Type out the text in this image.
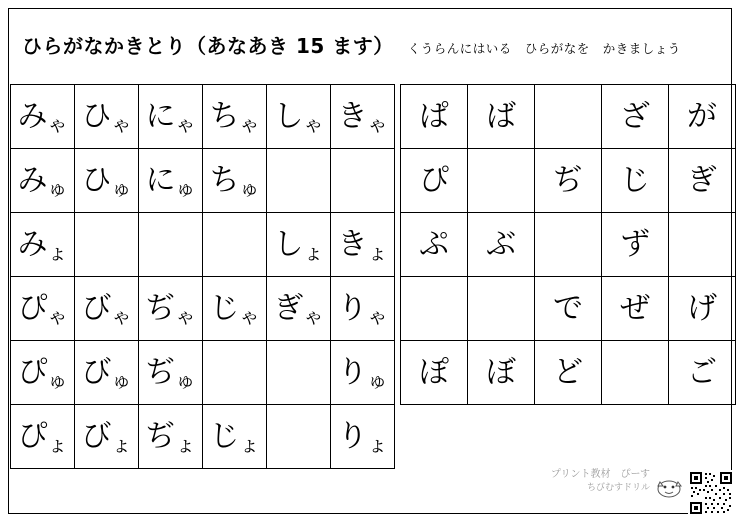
ひらがなかきとり（あなあき 15 ます） くうらんにはいる　ひらがなを　かきましょう
みゃ	ひゃ	にゃ	ちゃ	しゃ	きゃ
みゅ	ひゅ	にゅ	ちゅ		
みょ				しょ	きょ
ぴゃ	びゃ	ぢゃ	じゃ	ぎゃ	りゃ
ぴゅ	びゅ	ぢゅ			りゅ
ぴょ	びょ	ぢょ	じょ		りょ
ぱ	ば		ざ	が
ぴ		ぢ	じ	ぎ
ぷ	ぶ		ず	
		で	ぜ	げ
ぽ	ぼ	ど		ご
プリント教材　ぴーす
ちびむすドリル
